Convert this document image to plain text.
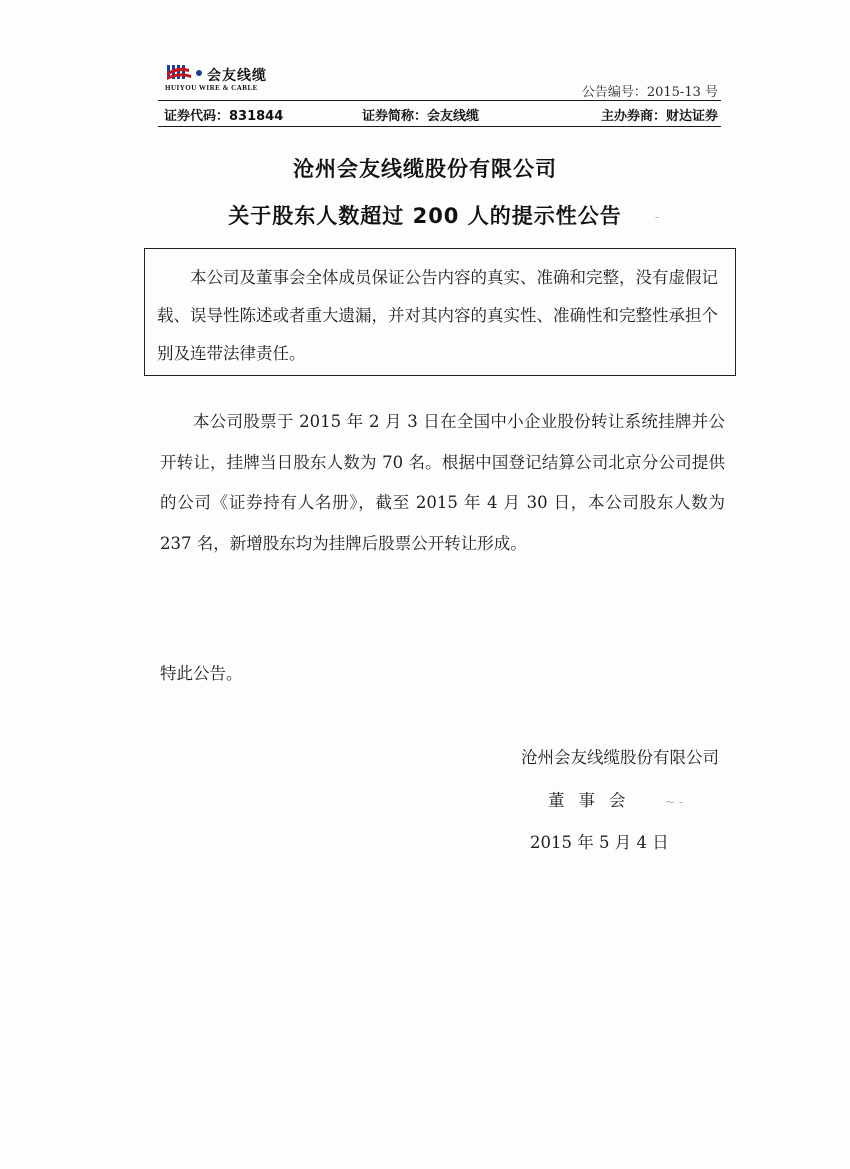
会友线缆
HUIYOU WIRE & CABLE	公告编号：2015-13 号
证券代码：831844	证券简称：会友线缆	主办券商：财达证券
沧州会友线缆股份有限公司
关于股东人数超过 200 人的提示性公告
本公司及董事会全体成员保证公告内容的真实、准确和完整，没有虚假记载、误导性陈述或者重大遗漏，并对其内容的真实性、准确性和完整性承担个别及连带法律责任。
本公司股票于 2015 年 2 月 3 日在全国中小企业股份转让系统挂牌并公开转让，挂牌当日股东人数为 70 名。根据中国登记结算公司北京分公司提供的公司《证券持有人名册》，截至 2015 年 4 月 30 日，本公司股东人数为 237 名，新增股东均为挂牌后股票公开转让形成。
特此公告。
沧州会友线缆股份有限公司
董事会
2015 年 5 月 4 日
~ -
-
